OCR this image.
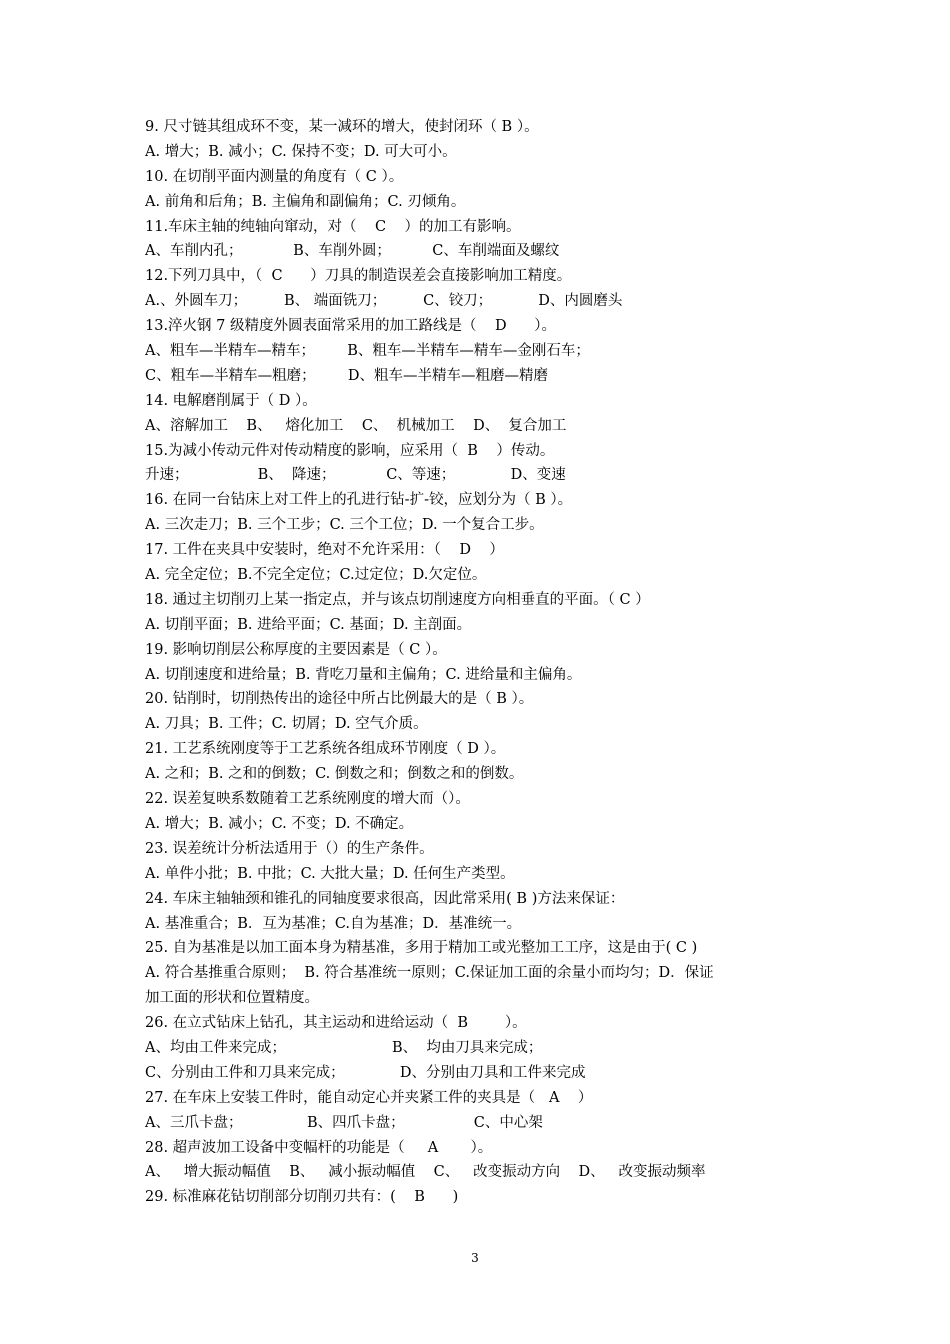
9. 尺寸链其组成环不变，某一减环的增大，使封闭环（ B ）。
A. 增大；B. 减小；C. 保持不变；D. 可大可小。
10. 在切削平面内测量的角度有（ C ）。
A. 前角和后角；B. 主偏角和副偏角；C. 刃倾角。
11.车床主轴的纯轴向窜动，对（    C    ）的加工有影响。
A、车削内孔；           B、车削外圆；         C、车削端面及螺纹
12.下列刀具中，（  C      ）刀具的制造误差会直接影响加工精度。
A.、外圆车刀；        B、 端面铣刀；        C、铰刀；          D、内圆磨头
13.淬火钢 7 级精度外圆表面常采用的加工路线是（    D      ）。
A、粗车—半精车—精车；       B、粗车—半精车—精车—金刚石车；
C、粗车—半精车—粗磨；       D、粗车—半精车—粗磨—精磨
14. 电解磨削属于（ D ）。
A、溶解加工    B、   熔化加工    C、  机械加工    D、  复合加工
15.为减小传动元件对传动精度的影响，应采用（  B    ）传动。
升速；               B、  降速；           C、等速；            D、变速
16. 在同一台钻床上对工件上的孔进行钻-扩-铰，应划分为（ B ）。
A. 三次走刀；B. 三个工步；C. 三个工位；D. 一个复合工步。
17. 工件在夹具中安装时，绝对不允许采用：（    D    ）
A. 完全定位；B.不完全定位；C.过定位；D.欠定位。
18. 通过主切削刃上某一指定点，并与该点切削速度方向相垂直的平面。（ C ）
A. 切削平面；B. 进给平面；C. 基面；D. 主剖面。
19. 影响切削层公称厚度的主要因素是（ C ）。
A. 切削速度和进给量；B. 背吃刀量和主偏角；C. 进给量和主偏角。
20. 钻削时，切削热传出的途径中所占比例最大的是（ B ）。
A. 刀具；B. 工件；C. 切屑；D. 空气介质。
21. 工艺系统刚度等于工艺系统各组成环节刚度（ D ）。
A. 之和；B. 之和的倒数；C. 倒数之和；倒数之和的倒数。
22. 误差复映系数随着工艺系统刚度的增大而（）。
A. 增大；B. 减小；C. 不变；D. 不确定。
23. 误差统计分析法适用于（）的生产条件。
A. 单件小批；B. 中批；C. 大批大量；D. 任何生产类型。
24. 车床主轴轴颈和锥孔的同轴度要求很高，因此常采用( B )方法来保证：
A. 基准重合；B．互为基准；C.自为基准；D．基准统一。
25. 自为基准是以加工面本身为精基准，多用于精加工或光整加工工序，这是由于( C )
A. 符合基推重合原则；  B. 符合基准统一原则；C.保证加工面的余量小而均匀；D．保证
加工面的形状和位置精度。
26. 在立式钻床上钻孔，其主运动和进给运动（  B        ）。
A、均由工件来完成；                       B、  均由刀具来完成；
C、分别由工件和刀具来完成；            D、分别由刀具和工件来完成
27. 在车床上安装工件时，能自动定心并夹紧工件的夹具是（   A    ）
A、三爪卡盘；              B、四爪卡盘；               C、中心架
28. 超声波加工设备中变幅杆的功能是（     A       ）。
A、   增大振动幅值    B、   减小振动幅值    C、   改变振动方向    D、   改变振动频率
29. 标准麻花钻切削部分切削刃共有：(    B      )
3
